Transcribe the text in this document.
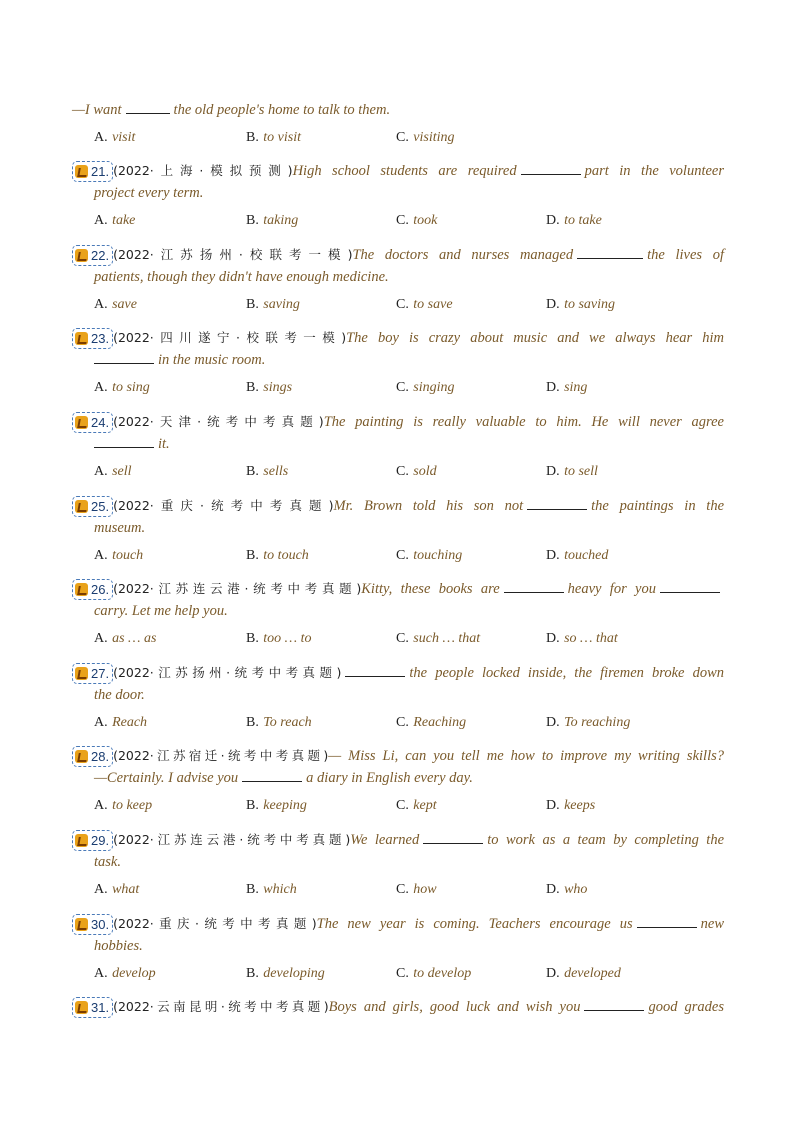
—I want	the old people's home to talk to them.
A. visit	B. to visit	C. visiting
21. (2022·上海·模拟预测)High school students are required	part in the volunteer
project every term.
A. take	B. taking	C. took	D. to take
22. (2022·江苏扬州·校联考一模)The doctors and nurses managed	the lives of
patients, though they didn't have enough medicine.
A. save	B. saving	C. to save	D. to saving
23. (2022·四川遂宁·校联考一模)The boy is crazy about music and we always hear him
in the music room.
A. to sing	B. sings	C. singing	D. sing
24. (2022·天津·统考中考真题)The painting is really valuable to him. He will never agree
it.
A. sell	B. sells	C. sold	D. to sell
25. (2022·重庆·统考中考真题)Mr. Brown told his son not	the paintings in the
museum.
A. touch	B. to touch	C. touching	D. touched
26. (2022·江苏连云港·统考中考真题)Kitty, these books are	heavy for you
carry. Let me help you.
A. as … as	B. too … to	C. such … that	D. so … that
27. (2022·江苏扬州·统考中考真题)	the people locked inside, the firemen broke down
the door.
A. Reach	B. To reach	C. Reaching	D. To reaching
28. (2022·江苏宿迁·统考中考真题)— Miss Li, can you tell me how to improve my writing skills?
—Certainly. I advise you	a diary in English every day.
A. to keep	B. keeping	C. kept	D. keeps
29. (2022·江苏连云港·统考中考真题)We learned	to work as a team by completing the
task.
A. what	B. which	C. how	D. who
30. (2022·重庆·统考中考真题)The new year is coming. Teachers encourage us	new
hobbies.
A. develop	B. developing	C. to develop	D. developed
31. (2022·云南昆明·统考中考真题)Boys and girls, good luck and wish you	good grades
